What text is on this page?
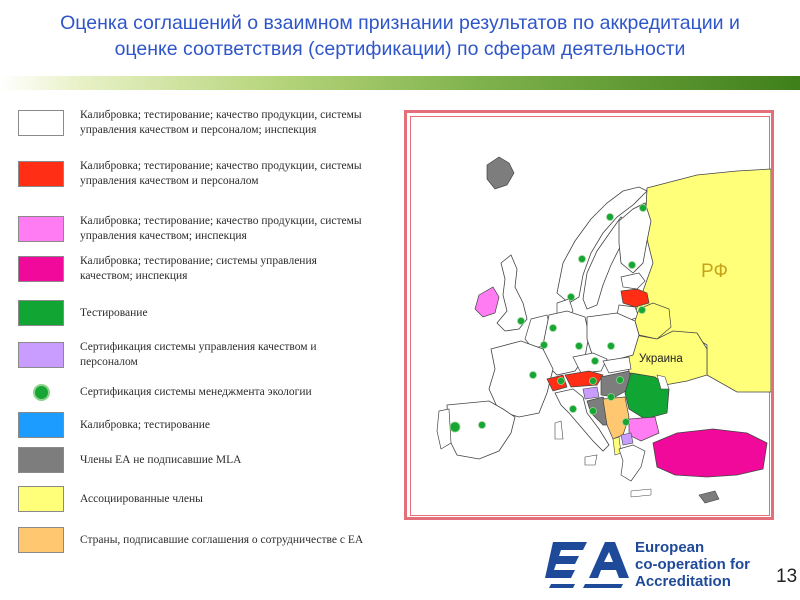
Оценка соглашений о взаимном признании результатов по аккредитации и
оценке соответствия (сертификации) по сферам деятельности
Калибровка; тестирование; качество продукции, системы управления качеством и персоналом; инспекция
Калибровка; тестирование; качество продукции, системы управления качеством и персоналом
Калибровка; тестирование; качество продукции, системы управления качеством; инспекция
Калибровка; тестирование; системы управления качеством; инспекция
Тестирование
Сертификация системы управления качеством и персоналом
Сертификация системы менеджмента экологии
Калибровка; тестирование
Члены ЕА не подписавшие MLA
Ассоциированные члены
Страны, подписавшие соглашения о сотрудничестве с ЕА
РФ
Украина
European
co-operation for
Accreditation	13
